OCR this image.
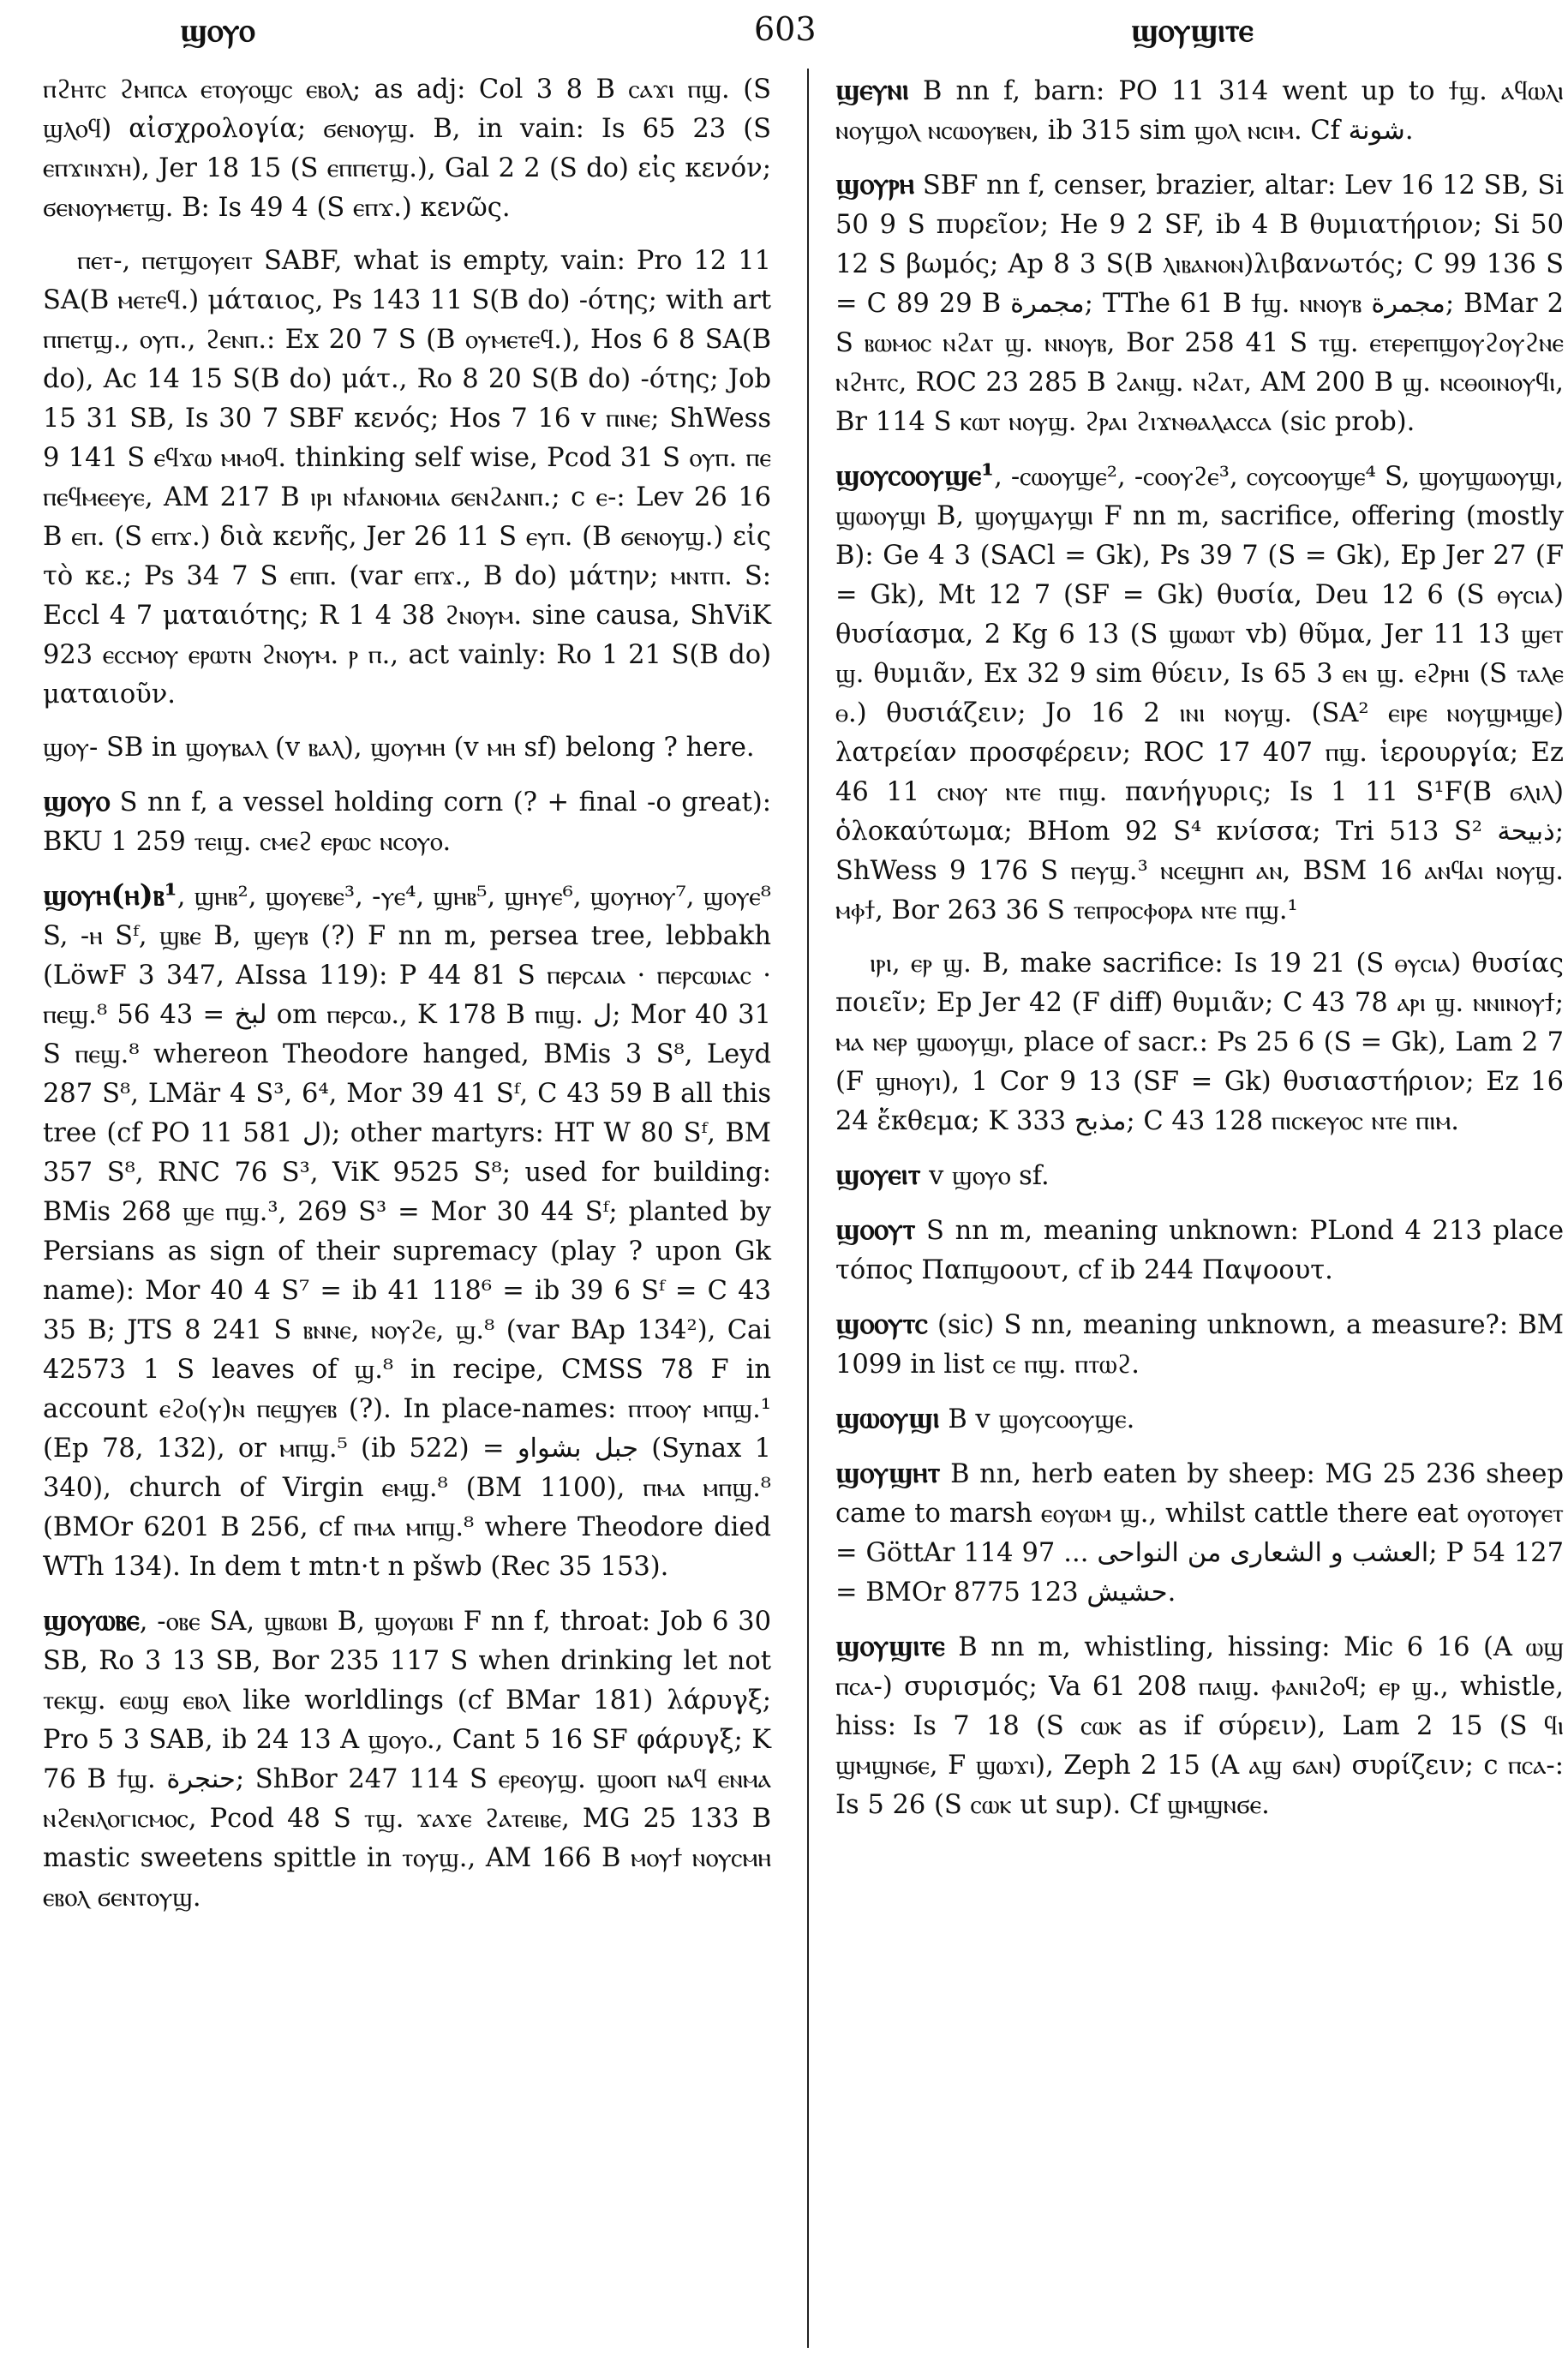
ϣⲟⲩⲟ	603	ϣⲟⲩϣⲓⲧⲉ

ⲡϩⲏⲧⲥ ϩⲙⲡⲥⲁ ⲉⲧⲟⲩⲟϣⲥ ⲉⲃⲟⲗ; as adj: Col 3 8 B ⲥⲁϫⲓ ⲡϣ. (S ϣⲗⲟϥ) αἰσχρολογία; ϭⲉⲛⲟⲩϣ. B, in vain: Is 65 23 (S ⲉⲡϫⲓⲛϫⲏ), Jer 18 15 (S ⲉⲡⲡⲉⲧϣ.), Gal 2 2 (S do) εἰς κενόν; ϭⲉⲛⲟⲩⲙⲉⲧϣ. B: Is 49 4 (S ⲉⲡϫ.) κενῶς.

ⲡⲉⲧ-, ⲡⲉⲧϣⲟⲩⲉⲓⲧ SABF, what is empty, vain: Pro 12 11 SA(B ⲙⲉⲧⲉϥ.) μάταιος, Ps 143 11 S(B do) -ότης; with art ⲡⲡⲉⲧϣ., ⲟⲩⲡ., ϩⲉⲛⲡ.: Ex 20 7 S (B ⲟⲩⲙⲉⲧⲉϥ.), Hos 6 8 SA(B do), Ac 14 15 S(B do) μάτ., Ro 8 20 S(B do) -ότης; Job 15 31 SB, Is 30 7 SBF κενός; Hos 7 16 v ⲡⲓⲛⲉ; ShWess 9 141 S ⲉϥϫⲱ ⲙⲙⲟϥ. thinking self wise, Pcod 31 S ⲟⲩⲡ. ⲡⲉ ⲡⲉϥⲙⲉⲉⲩⲉ, AM 217 B ⲓⲣⲓ ⲛϯⲁⲛⲟⲙⲓⲁ ϭⲉⲛϩⲁⲛⲡ.; c ⲉ-: Lev 26 16 B ⲉⲡ. (S ⲉⲡϫ.) διὰ κενῆς, Jer 26 11 S ⲉⲩⲡ. (B ϭⲉⲛⲟⲩϣ.) εἰς τὸ κε.; Ps 34 7 S ⲉⲡⲡ. (var ⲉⲡϫ., B do) μάτην; ⲙⲛⲧⲡ. S: Eccl 4 7 ματαιότης; R 1 4 38 ϩⲛⲟⲩⲙ. sine causa, ShViK 923 ⲉⲥⲥⲙⲟⲩ ⲉⲣⲱⲧⲛ ϩⲛⲟⲩⲙ. ⲣ ⲡ., act vainly: Ro 1 21 S(B do) ματαιοῦν.

ϣⲟⲩ- SB in ϣⲟⲩⲃⲁⲗ (v ⲃⲁⲗ), ϣⲟⲩⲙⲏ (v ⲙⲏ sf) belong ? here.

ϣⲟⲩⲟ S nn f, a vessel holding corn (? + final -o great): BKU 1 259 ⲧⲉⲓϣ. ⲥⲙⲉϩ ⲉⲣⲱⲥ ⲛⲥⲟⲩⲟ.

ϣⲟⲩⲏ(ⲏ)ⲃ¹, ϣⲏⲃ², ϣⲟⲩⲉⲃⲉ³, -ⲩⲉ⁴, ϣⲏⲃ⁵, ϣⲏⲩⲉ⁶, ϣⲟⲩⲏⲟⲩ⁷, ϣⲟⲩⲉ⁸ S, -ⲏ Sᶠ, ϣⲃⲉ B, ϣⲉⲩⲃ (?) F nn m, persea tree, lebbakh (LöwF 3 347, AIssa 119): P 44 81 S ⲡⲉⲣⲥⲁⲓⲁ · ⲡⲉⲣⲥⲱⲓⲁⲥ · ⲡⲉϣ.⁸ لبخ = 43 56 om ⲡⲉⲣⲥⲱ., K 178 B ⲡⲓϣ. ل; Mor 40 31 S ⲡⲉϣ.⁸ whereon Theodore hanged, BMis 3 S⁸, Leyd 287 S⁸, LMär 4 S³, 6⁴, Mor 39 41 Sᶠ, C 43 59 B all this tree (cf PO 11 581 ل); other martyrs: HT W 80 Sᶠ, BM 357 S⁸, RNC 76 S³, ViK 9525 S⁸; used for building: BMis 268 ϣⲉ ⲡϣ.³, 269 S³ = Mor 30 44 Sᶠ; planted by Persians as sign of their supremacy (play ? upon Gk name): Mor 40 4 S⁷ = ib 41 118⁶ = ib 39 6 Sᶠ = C 43 35 B; JTS 8 241 S ⲃⲛⲛⲉ, ⲛⲟⲩϩⲉ, ϣ.⁸ (var BAp 134²), Cai 42573 1 S leaves of ϣ.⁸ in recipe, CMSS 78 F in account ⲉϩⲟ(ⲩ)ⲛ ⲡⲉϣⲩⲉⲃ (?). In place-names: ⲡⲧⲟⲟⲩ ⲙⲡϣ.¹ (Ep 78, 132), or ⲙⲡϣ.⁵ (ib 522) = جبل بشواو (Synax 1 340), church of Virgin ⲉⲙϣ.⁸ (BM 1100), ⲡⲙⲁ ⲙⲡϣ.⁸ (BMOr 6201 B 256, cf ⲡⲙⲁ ⲙⲡϣ.⁸ where Theodore died WTh 134). In dem t mtn·t n pšwb (Rec 35 153).

ϣⲟⲩⲱⲃⲉ, -ⲟⲃⲉ SA, ϣⲃⲱⲃⲓ B, ϣⲟⲩⲱⲃⲓ F nn f, throat: Job 6 30 SB, Ro 3 13 SB, Bor 235 117 S when drinking let not ⲧⲉⲕϣ. ⲉⲱϣ ⲉⲃⲟⲗ like worldlings (cf BMar 181) λάρυγξ; Pro 5 3 SAB, ib 24 13 A ϣⲟⲩⲟ., Cant 5 16 SF φάρυγξ; K 76 B ϯϣ. حنجرة; ShBor 247 114 S ⲉⲣⲉⲟⲩϣ. ϣⲟⲟⲡ ⲛⲁϥ ⲉⲛⲙⲁ ⲛϩⲉⲛⲗⲟⲅⲓⲥⲙⲟⲥ, Pcod 48 S ⲧϣ. ϫⲁϫⲉ ϩⲁⲧⲉⲓⲃⲉ, MG 25 133 B mastic sweetens spittle in ⲧⲟⲩϣ., AM 166 B ⲙⲟⲩϯ ⲛⲟⲩⲥⲙⲏ ⲉⲃⲟⲗ ϭⲉⲛⲧⲟⲩϣ.

ϣⲉⲩⲛⲓ B nn f, barn: PO 11 314 went up to ϯϣ. ⲁϥⲱⲗⲓ ⲛⲟⲩϣⲟⲗ ⲛⲥⲱⲟⲩⲃⲉⲛ, ib 315 sim ϣⲟⲗ ⲛⲥⲓⲙ. Cf شونة.

ϣⲟⲩⲣⲏ SBF nn f, censer, brazier, altar: Lev 16 12 SB, Si 50 9 S πυρεῖον; He 9 2 SF, ib 4 B θυμιατήριον; Si 50 12 S βωμός; Ap 8 3 S(B ⲗⲓⲃⲁⲛⲟⲛ)λιβανωτός; C 99 136 S = C 89 29 B مجمرة; TThe 61 B ϯϣ. ⲛⲛⲟⲩⲃ مجمرة; BMar 2 S ⲃⲱⲙⲟⲥ ⲛϩⲁⲧ ϣ. ⲛⲛⲟⲩⲃ, Bor 258 41 S ⲧϣ. ⲉⲧⲉⲣⲉⲡϣⲟⲩϩⲟⲩϩⲛⲉ ⲛϩⲏⲧⲥ, ROC 23 285 B ϩⲁⲛϣ. ⲛϩⲁⲧ, AM 200 B ϣ. ⲛⲥⲑⲟⲓⲛⲟⲩϥⲓ, Br 114 S ⲕⲱⲧ ⲛⲟⲩϣ. ϩⲣⲁⲓ ϩⲓϫⲛⲑⲁⲗⲁⲥⲥⲁ (sic prob).

ϣⲟⲩⲥⲟⲟⲩϣⲉ¹, -ⲥⲱⲟⲩϣⲉ², -ⲥⲟⲟⲩϩⲉ³, ⲥⲟⲩⲥⲟⲟⲩϣⲉ⁴ S, ϣⲟⲩϣⲱⲟⲩϣⲓ, ϣⲱⲟⲩϣⲓ B, ϣⲟⲩϣⲁⲩϣⲓ F nn m, sacrifice, offering (mostly B): Ge 4 3 (SACl = Gk), Ps 39 7 (S = Gk), Ep Jer 27 (F = Gk), Mt 12 7 (SF = Gk) θυσία, Deu 12 6 (S ⲑⲩⲥⲓⲁ) θυσίασμα, 2 Kg 6 13 (S ϣⲱⲱⲧ vb) θῦμα, Jer 11 13 ϣⲉⲧ ϣ. θυμιᾶν, Ex 32 9 sim θύειν, Is 65 3 ⲉⲛ ϣ. ⲉϩⲣⲏⲓ (S ⲧⲁⲗⲉ ⲑ.) θυσιάζειν; Jo 16 2 ⲓⲛⲓ ⲛⲟⲩϣ. (SA² ⲉⲓⲣⲉ ⲛⲟⲩϣⲙϣⲉ) λατρείαν προσφέρειν; ROC 17 407 ⲡϣ. ἱερουργία; Ez 46 11 ⲥⲛⲟⲩ ⲛⲧⲉ ⲡⲓϣ. πανήγυρις; Is 1 11 S¹F(B ϭⲗⲓⲗ) ὁλοκαύτωμα; BHom 92 S⁴ κνίσσα; Tri 513 S² ذبيحة; ShWess 9 176 S ⲡⲉⲩϣ.³ ⲛⲥⲉϣⲏⲡ ⲁⲛ, BSM 16 ⲁⲛϥⲁⲓ ⲛⲟⲩϣ. ⲙⲫϯ, Bor 263 36 S ⲧⲉⲡⲣⲟⲥⲫⲟⲣⲁ ⲛⲧⲉ ⲡϣ.¹

ⲓⲣⲓ, ⲉⲣ ϣ. B, make sacrifice: Is 19 21 (S ⲑⲩⲥⲓⲁ) θυσίας ποιεῖν; Ep Jer 42 (F diff) θυμιᾶν; C 43 78 ⲁⲣⲓ ϣ. ⲛⲛⲓⲛⲟⲩϯ; ⲙⲁ ⲛⲉⲣ ϣⲱⲟⲩϣⲓ, place of sacr.: Ps 25 6 (S = Gk), Lam 2 7 (F ϣⲏⲟⲩⲓ), 1 Cor 9 13 (SF = Gk) θυσιαστήριον; Ez 16 24 ἔκθεμα; K 333 مذبح; C 43 128 ⲡⲓⲥⲕⲉⲩⲟⲥ ⲛⲧⲉ ⲡⲓⲙ.

ϣⲟⲩⲉⲓⲧ v ϣⲟⲩⲟ sf.

ϣⲟⲟⲩⲧ S nn m, meaning unknown: PLond 4 213 place τόπος Παπϣοουτ, cf ib 244 Παψοουτ.

ϣⲟⲟⲩⲧⲥ (sic) S nn, meaning unknown, a measure?: BM 1099 in list ⲥⲉ ⲡϣ. ⲡⲧⲱϩ.

ϣⲱⲟⲩϣⲓ B v ϣⲟⲩⲥⲟⲟⲩϣⲉ.

ϣⲟⲩϣⲏⲧ B nn, herb eaten by sheep: MG 25 236 sheep came to marsh ⲉⲟⲩⲱⲙ ϣ., whilst cattle there eat ⲟⲩⲟⲧⲟⲩⲉⲧ = GöttAr 114 97 ... العشب و الشعارى من النواحى; P 54 127 = BMOr 8775 123 حشيش.

ϣⲟⲩϣⲓⲧⲉ B nn m, whistling, hissing: Mic 6 16 (A ⲱϣ ⲡⲥⲁ-) συρισμός; Va 61 208 ⲡⲁⲓϣ. ⲫⲁⲛⲓϩⲟϥ; ⲉⲣ ϣ., whistle, hiss: Is 7 18 (S ⲥⲱⲕ as if σύρειν), Lam 2 15 (S ϥⲓ ϣⲙϣⲛϭⲉ, F ϣⲱϫⲓ), Zeph 2 15 (A ⲁϣ ϭⲁⲛ) συρίζειν; c ⲡⲥⲁ-: Is 5 26 (S ⲥⲱⲕ ut sup). Cf ϣⲙϣⲛϭⲉ.
